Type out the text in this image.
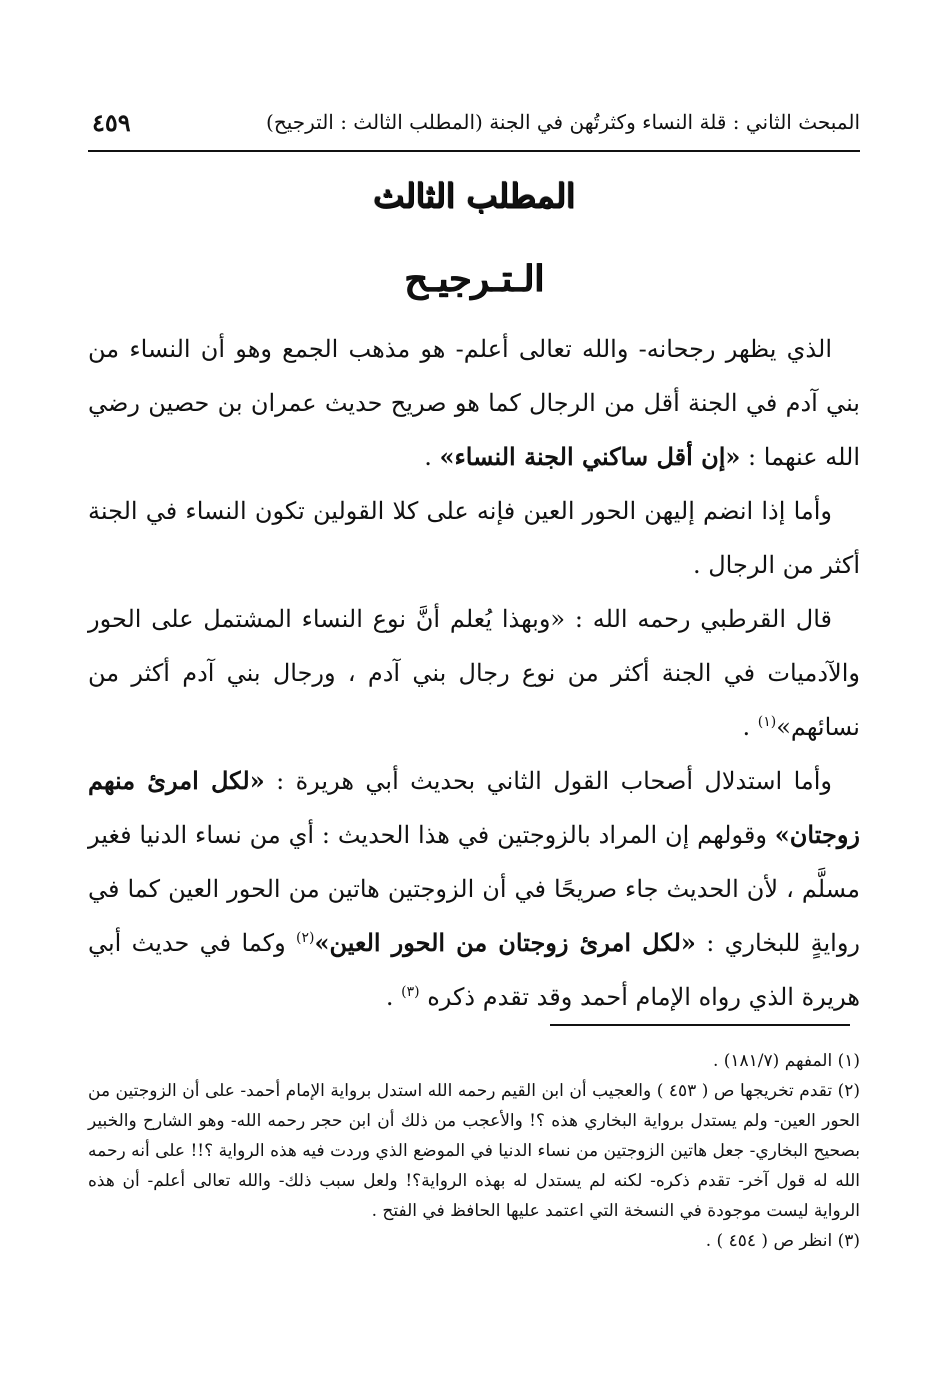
المبحث الثاني : قلة النساء وكثرتُهن في الجنة (المطلب الثالث : الترجيح)
٤٥٩
المطلب الثالث
الـتـرجيـح

الذي يظهر رجحانه- والله تعالى أعلم- هو مذهب الجمع وهو أن النساء من بني آدم في الجنة أقل من الرجال كما هو صريح حديث عمران بن حصين رضي الله عنهما : «إن أقل ساكني الجنة النساء» .

وأما إذا انضم إليهن الحور العين فإنه على كلا القولين تكون النساء في الجنة أكثر من الرجال .

قال القرطبي رحمه الله : «وبهذا يُعلم أنَّ نوع النساء المشتمل على الحور والآدميات في الجنة أكثر من نوع رجال بني آدم ، ورجال بني آدم أكثر من نسائهم»$^{(١)}$ .

وأما استدلال أصحاب القول الثاني بحديث أبي هريرة : «لكل امرئ منهم زوجتان» وقولهم إن المراد بالزوجتين في هذا الحديث : أي من نساء الدنيا فغير مسلَّم ، لأن الحديث جاء صريحًا في أن الزوجتين هاتين من الحور العين كما في روايةٍ للبخاري : «لكل امرئ زوجتان من الحور العين»$^{(٢)}$ وكما في حديث أبي هريرة الذي رواه الإمام أحمد وقد تقدم ذكره $^{(٣)}$ .

(١) المفهم (١٨١/٧) .

(٢) تقدم تخريجها ص ( ٤٥٣ ) والعجيب أن ابن القيم رحمه الله استدل برواية الإمام أحمد- على أن الزوجتين من الحور العين- ولم يستدل برواية البخاري هذه ؟! والأعجب من ذلك أن ابن حجر رحمه الله- وهو الشارح والخبير بصحيح البخاري- جعل هاتين الزوجتين من نساء الدنيا في الموضع الذي وردت فيه هذه الرواية ؟!! على أنه رحمه الله له قول آخر- تقدم ذكره- لكنه لم يستدل له بهذه الرواية؟! ولعل سبب ذلك- والله تعالى أعلم- أن هذه الرواية ليست موجودة في النسخة التي اعتمد عليها الحافظ في الفتح .

(٣) انظر ص ( ٤٥٤ ) .
